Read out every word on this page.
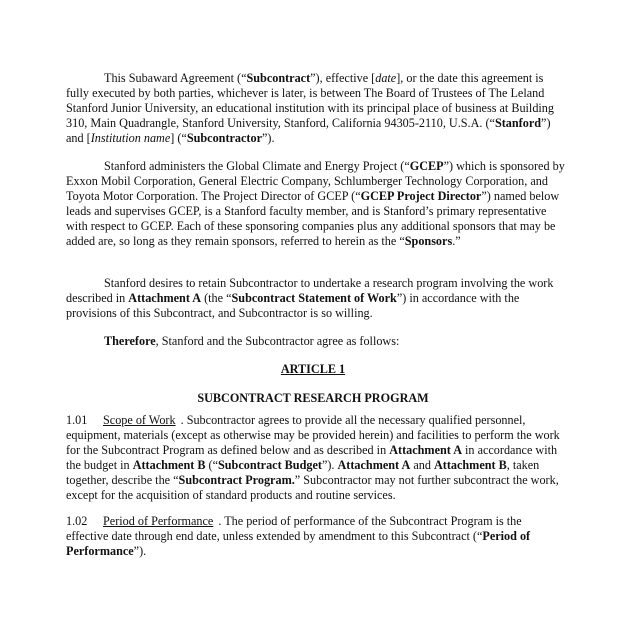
This Subaward Agreement (“Subcontract”), effective [date], or the date this agreement is fully executed by both parties, whichever is later, is between The Board of Trustees of The Leland Stanford Junior University, an educational institution with its principal place of business at Building 310, Main Quadrangle, Stanford University, Stanford, California 94305-2110, U.S.A. (“Stanford”) and [Institution name] (“Subcontractor”).

Stanford administers the Global Climate and Energy Project (“GCEP”) which is sponsored by Exxon Mobil Corporation, General Electric Company, Schlumberger Technology Corporation, and Toyota Motor Corporation. The Project Director of GCEP (“GCEP Project Director”) named below leads and supervises GCEP, is a Stanford faculty member, and is Stanford’s primary representative with respect to GCEP. Each of these sponsoring companies plus any additional sponsors that may be added are, so long as they remain sponsors, referred to herein as the “Sponsors.”

Stanford desires to retain Subcontractor to undertake a research program involving the work described in Attachment A (the “Subcontract Statement of Work”) in accordance with the provisions of this Subcontract, and Subcontractor is so willing.

Therefore, Stanford and the Subcontractor agree as follows:

ARTICLE 1

SUBCONTRACT RESEARCH PROGRAM

1.01 Scope of Work . Subcontractor agrees to provide all the necessary qualified personnel, equipment, materials (except as otherwise may be provided herein) and facilities to perform the work for the Subcontract Program as defined below and as described in Attachment A in accordance with the budget in Attachment B (“Subcontract Budget”). Attachment A and Attachment B, taken together, describe the “Subcontract Program.” Subcontractor may not further subcontract the work, except for the acquisition of standard products and routine services.

1.02 Period of Performance . The period of performance of the Subcontract Program is the effective date through end date, unless extended by amendment to this Subcontract (“Period of Performance”).
